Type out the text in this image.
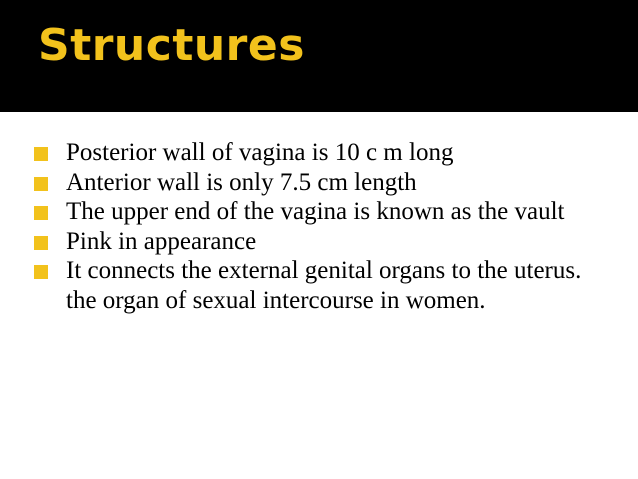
Structures
Posterior wall of vagina is 10 c m long
Anterior wall is only 7.5 cm length
The upper end of the vagina is known as the vault
Pink in appearance
It connects the external genital organs to the uterus. the organ of sexual intercourse in women.
